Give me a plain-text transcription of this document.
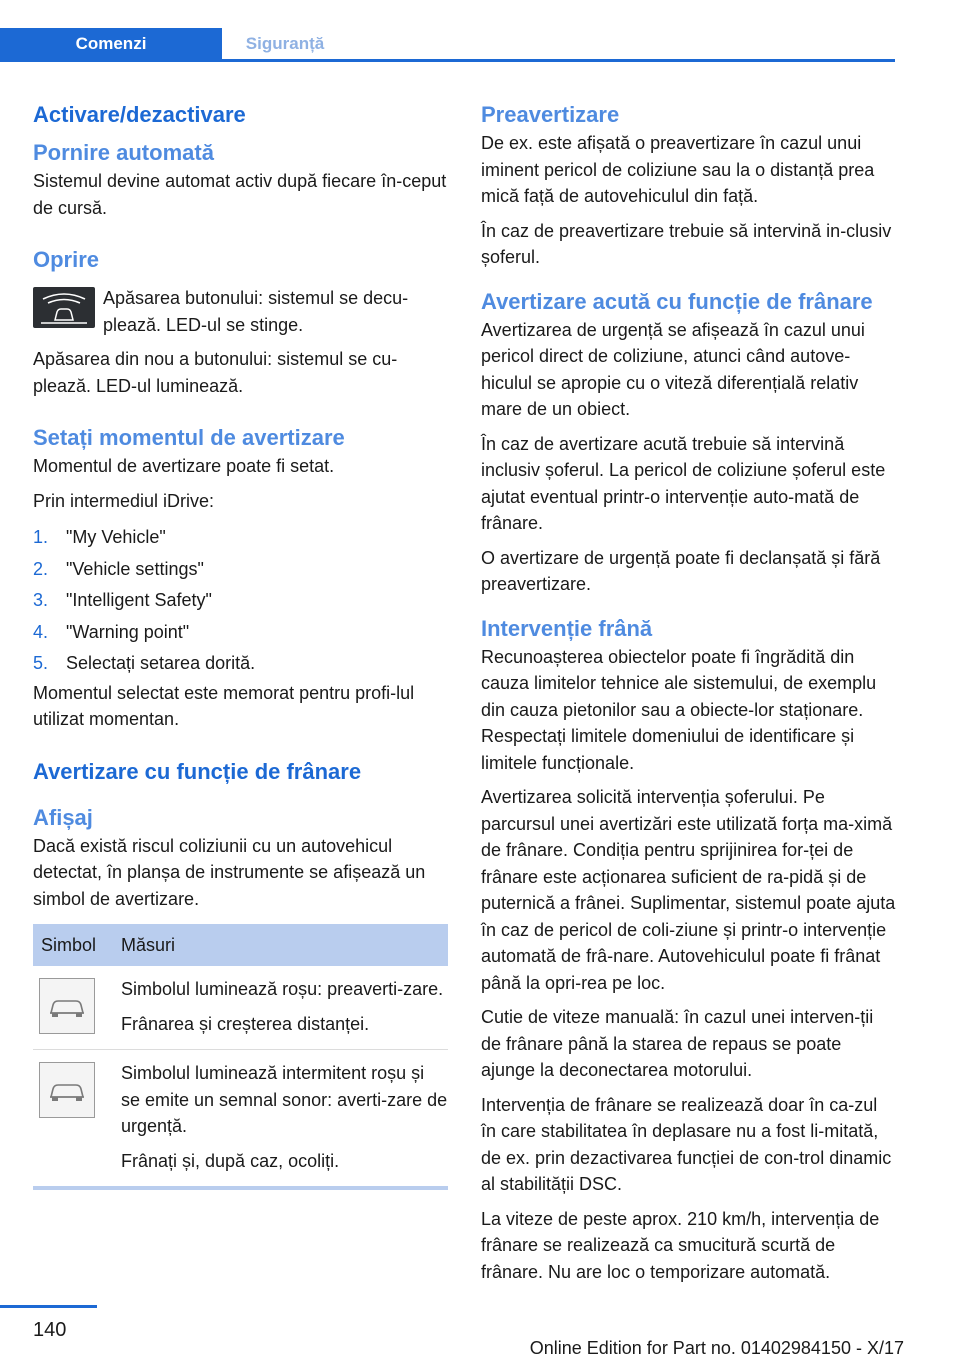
Comenzi	Siguranță
Activare/dezactivare
Pornire automată

Sistemul devine automat activ după fiecare în-ceput de cursă.

Oprire

Apăsarea butonului: sistemul se decu-plează. LED-ul se stinge.

Apăsarea din nou a butonului: sistemul se cu-plează. LED-ul luminează.

Setați momentul de avertizare

Momentul de avertizare poate fi setat.

Prin intermediul iDrive:

1. "My Vehicle"
2. "Vehicle settings"
3. "Intelligent Safety"
4. "Warning point"
5. Selectați setarea dorită.

Momentul selectat este memorat pentru profi-lul utilizat momentan.

Avertizare cu funcție de frânare
Afișaj

Dacă există riscul coliziunii cu un autovehicul detectat, în planșa de instrumente se afișează un simbol de avertizare.

Simbol	Măsuri

Simbolul luminează roșu: preaverti-zare.

Frânarea și creșterea distanței.

Simbolul luminează intermitent roșu și se emite un semnal sonor: averti-zare de urgență.

Frânați și, după caz, ocoliți.

Preavertizare

De ex. este afișată o preavertizare în cazul unui iminent pericol de coliziune sau la o distanță prea mică față de autovehiculul din față.

În caz de preavertizare trebuie să intervină in-clusiv șoferul.

Avertizare acută cu funcție de frânare

Avertizarea de urgență se afișează în cazul unui pericol direct de coliziune, atunci când autove-hiculul se apropie cu o viteză diferențială relativ mare de un obiect.

În caz de avertizare acută trebuie să intervină inclusiv șoferul. La pericol de coliziune șoferul este ajutat eventual printr-o intervenție auto-mată de frânare.

O avertizare de urgență poate fi declanșată și fără preavertizare.

Intervenție frână

Recunoașterea obiectelor poate fi îngrădită din cauza limitelor tehnice ale sistemului, de exemplu din cauza pietonilor sau a obiecte-lor staționare. Respectați limitele domeniului de identificare și limitele funcționale.

Avertizarea solicită intervenția șoferului. Pe parcursul unei avertizări este utilizată forța ma-ximă de frânare. Condiția pentru sprijinirea for-ței de frânare este acționarea suficient de ra-pidă și de puternică a frânei. Suplimentar, sistemul poate ajuta în caz de pericol de coli-ziune și printr-o intervenție automată de frâ-nare. Autovehiculul poate fi frânat până la opri-rea pe loc.

Cutie de viteze manuală: în cazul unei interven-ții de frânare până la starea de repaus se poate ajunge la deconectarea motorului.

Intervenția de frânare se realizează doar în ca-zul în care stabilitatea în deplasare nu a fost li-mitată, de ex. prin dezactivarea funcției de con-trol dinamic al stabilității DSC.

La viteze de peste aprox. 210 km/h, intervenția de frânare se realizează ca smucitură scurtă de frânare. Nu are loc o temporizare automată.

140
Online Edition for Part no. 01402984150 - X/17
